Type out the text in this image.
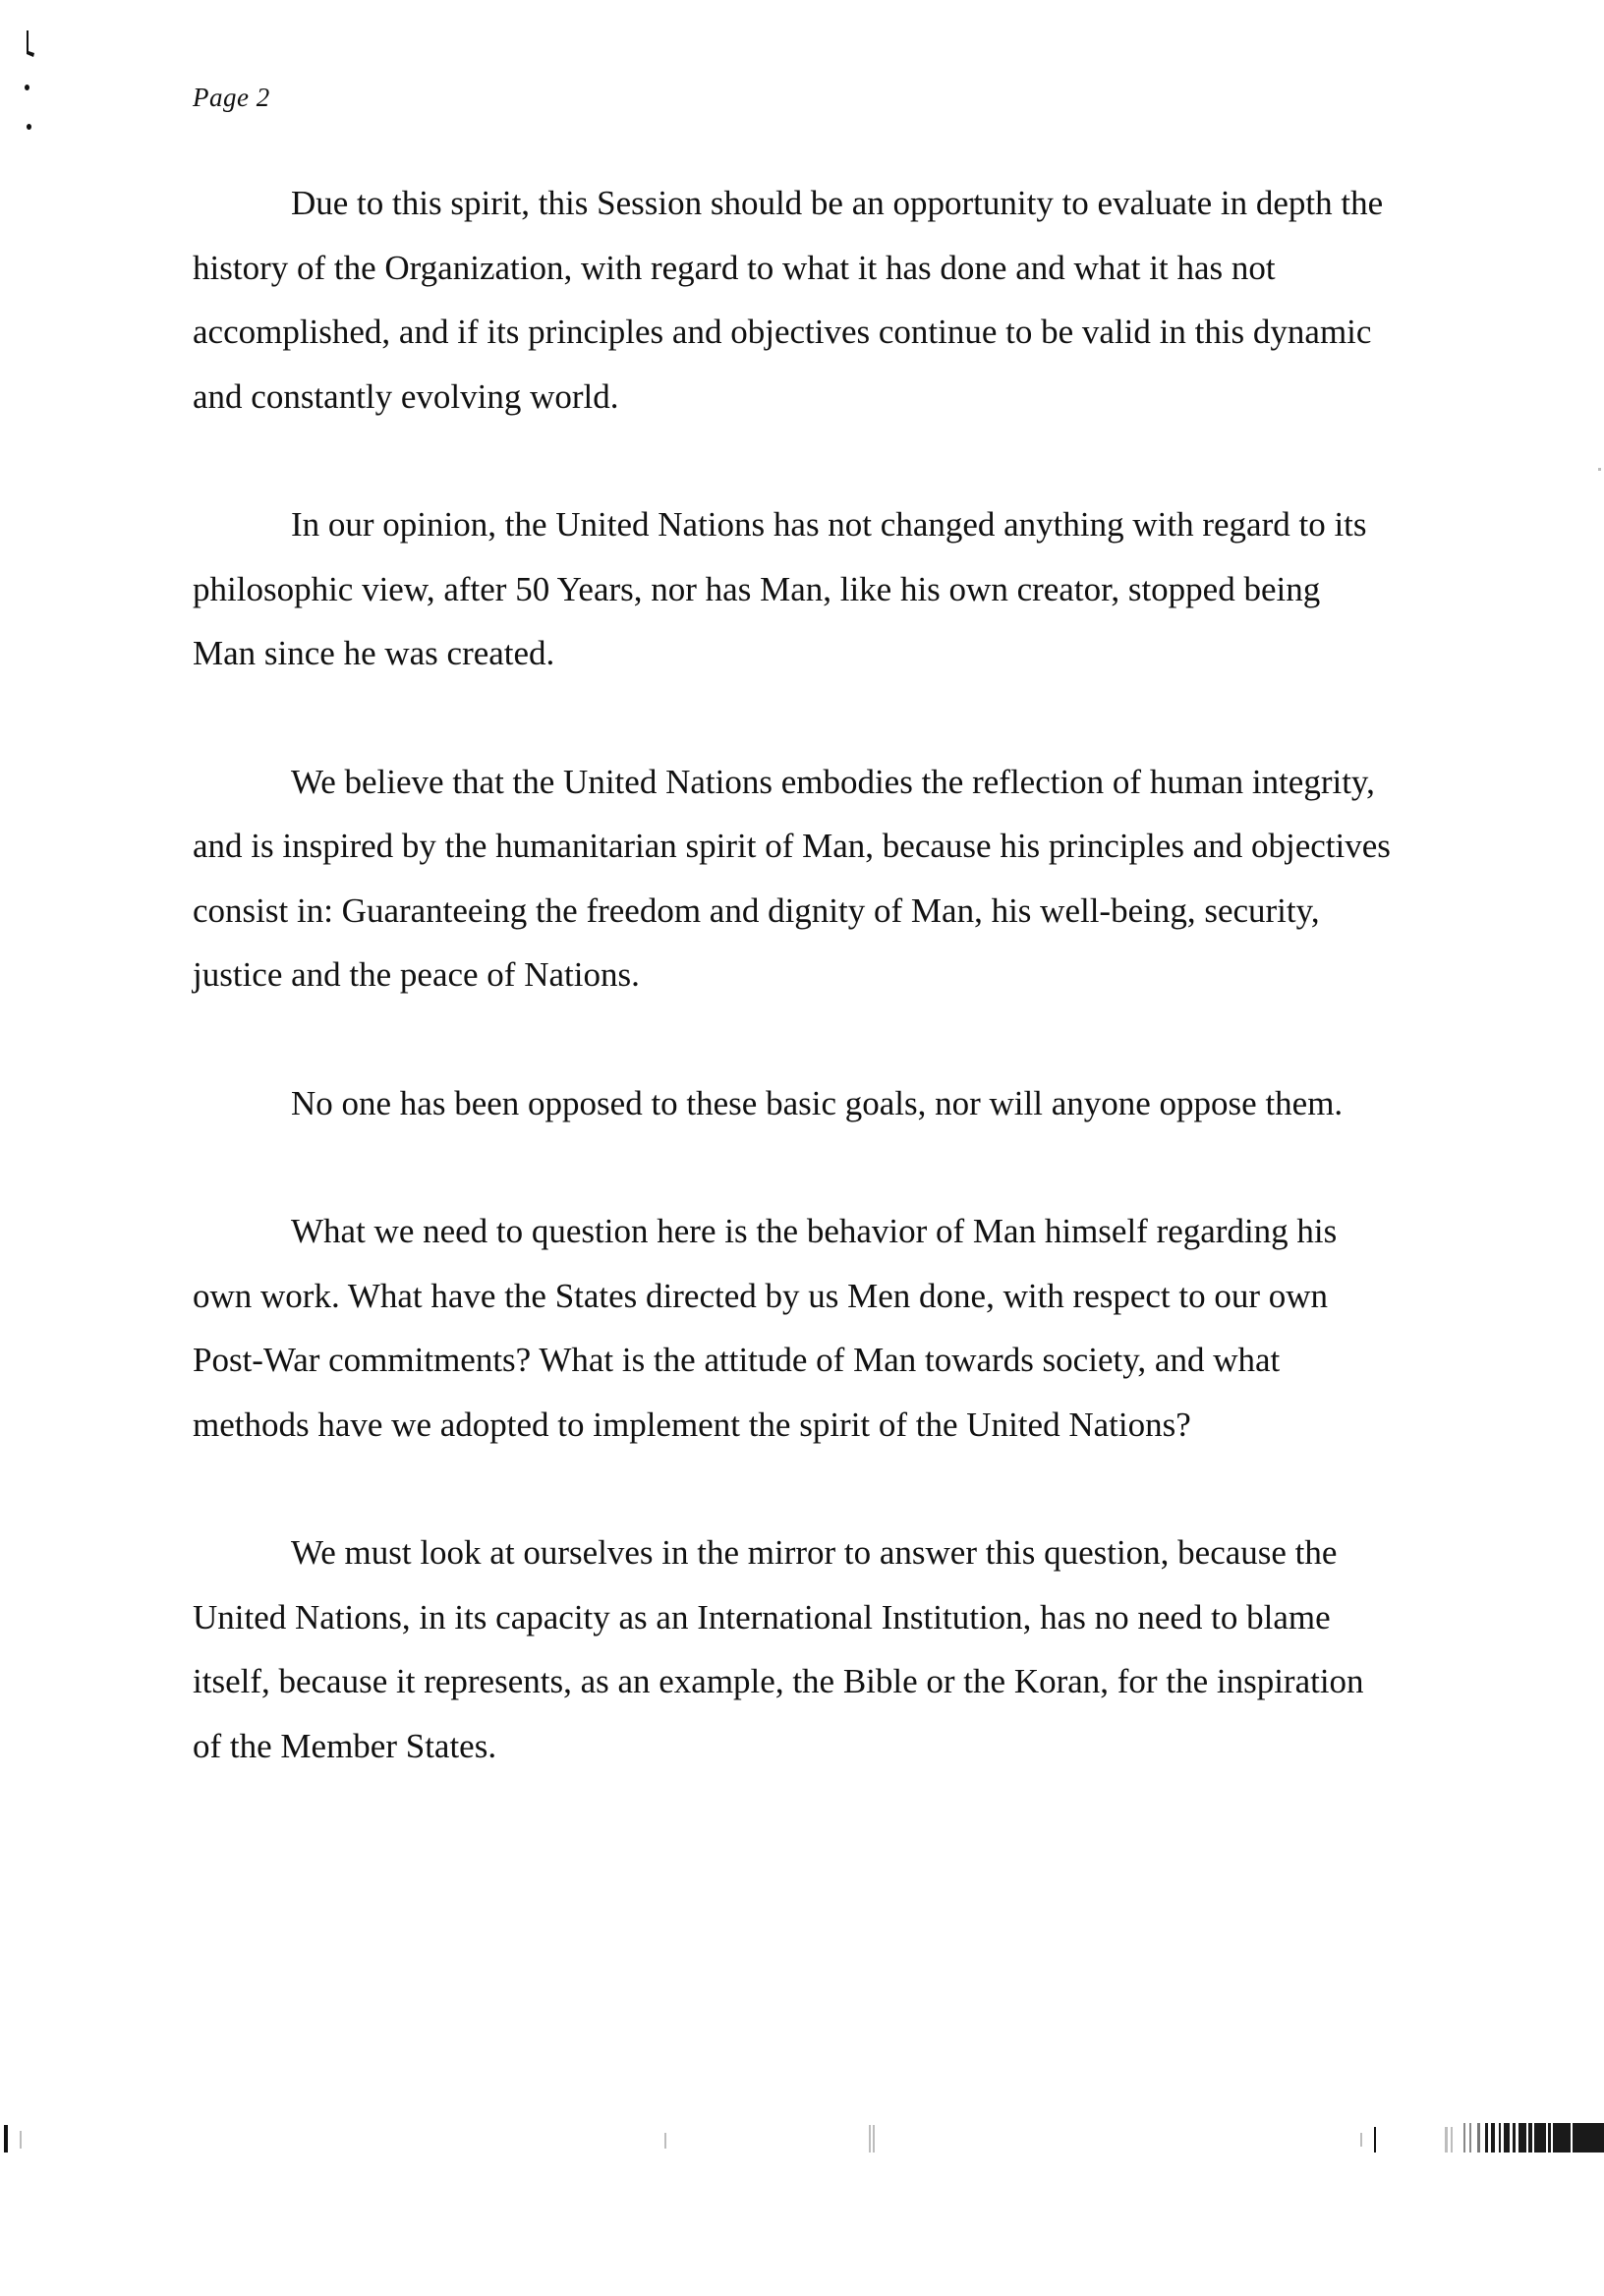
Page 2

Due to this spirit, this Session should be an opportunity to evaluate in depth the history of the Organization, with regard to what it has done and what it has not accomplished, and if its principles and objectives continue to be valid in this dynamic and constantly evolving world.

In our opinion, the United Nations has not changed anything with regard to its philosophic view, after 50 Years, nor has Man, like his own creator, stopped being Man since he was created.

We believe that the United Nations embodies the reflection of human integrity, and is inspired by the humanitarian spirit of Man, because his principles and objectives consist in: Guaranteeing the freedom and dignity of Man, his well-being, security, justice and the peace of Nations.

No one has been opposed to these basic goals, nor will anyone oppose them.

What we need to question here is the behavior of Man himself regarding his own work. What have the States directed by us Men done, with respect to our own Post-War commitments? What is the attitude of Man towards society, and what methods have we adopted to implement the spirit of the United Nations?

We must look at ourselves in the mirror to answer this question, because the United Nations, in its capacity as an International Institution, has no need to blame itself, because it represents, as an example, the Bible or the Koran, for the inspiration of the Member States.
